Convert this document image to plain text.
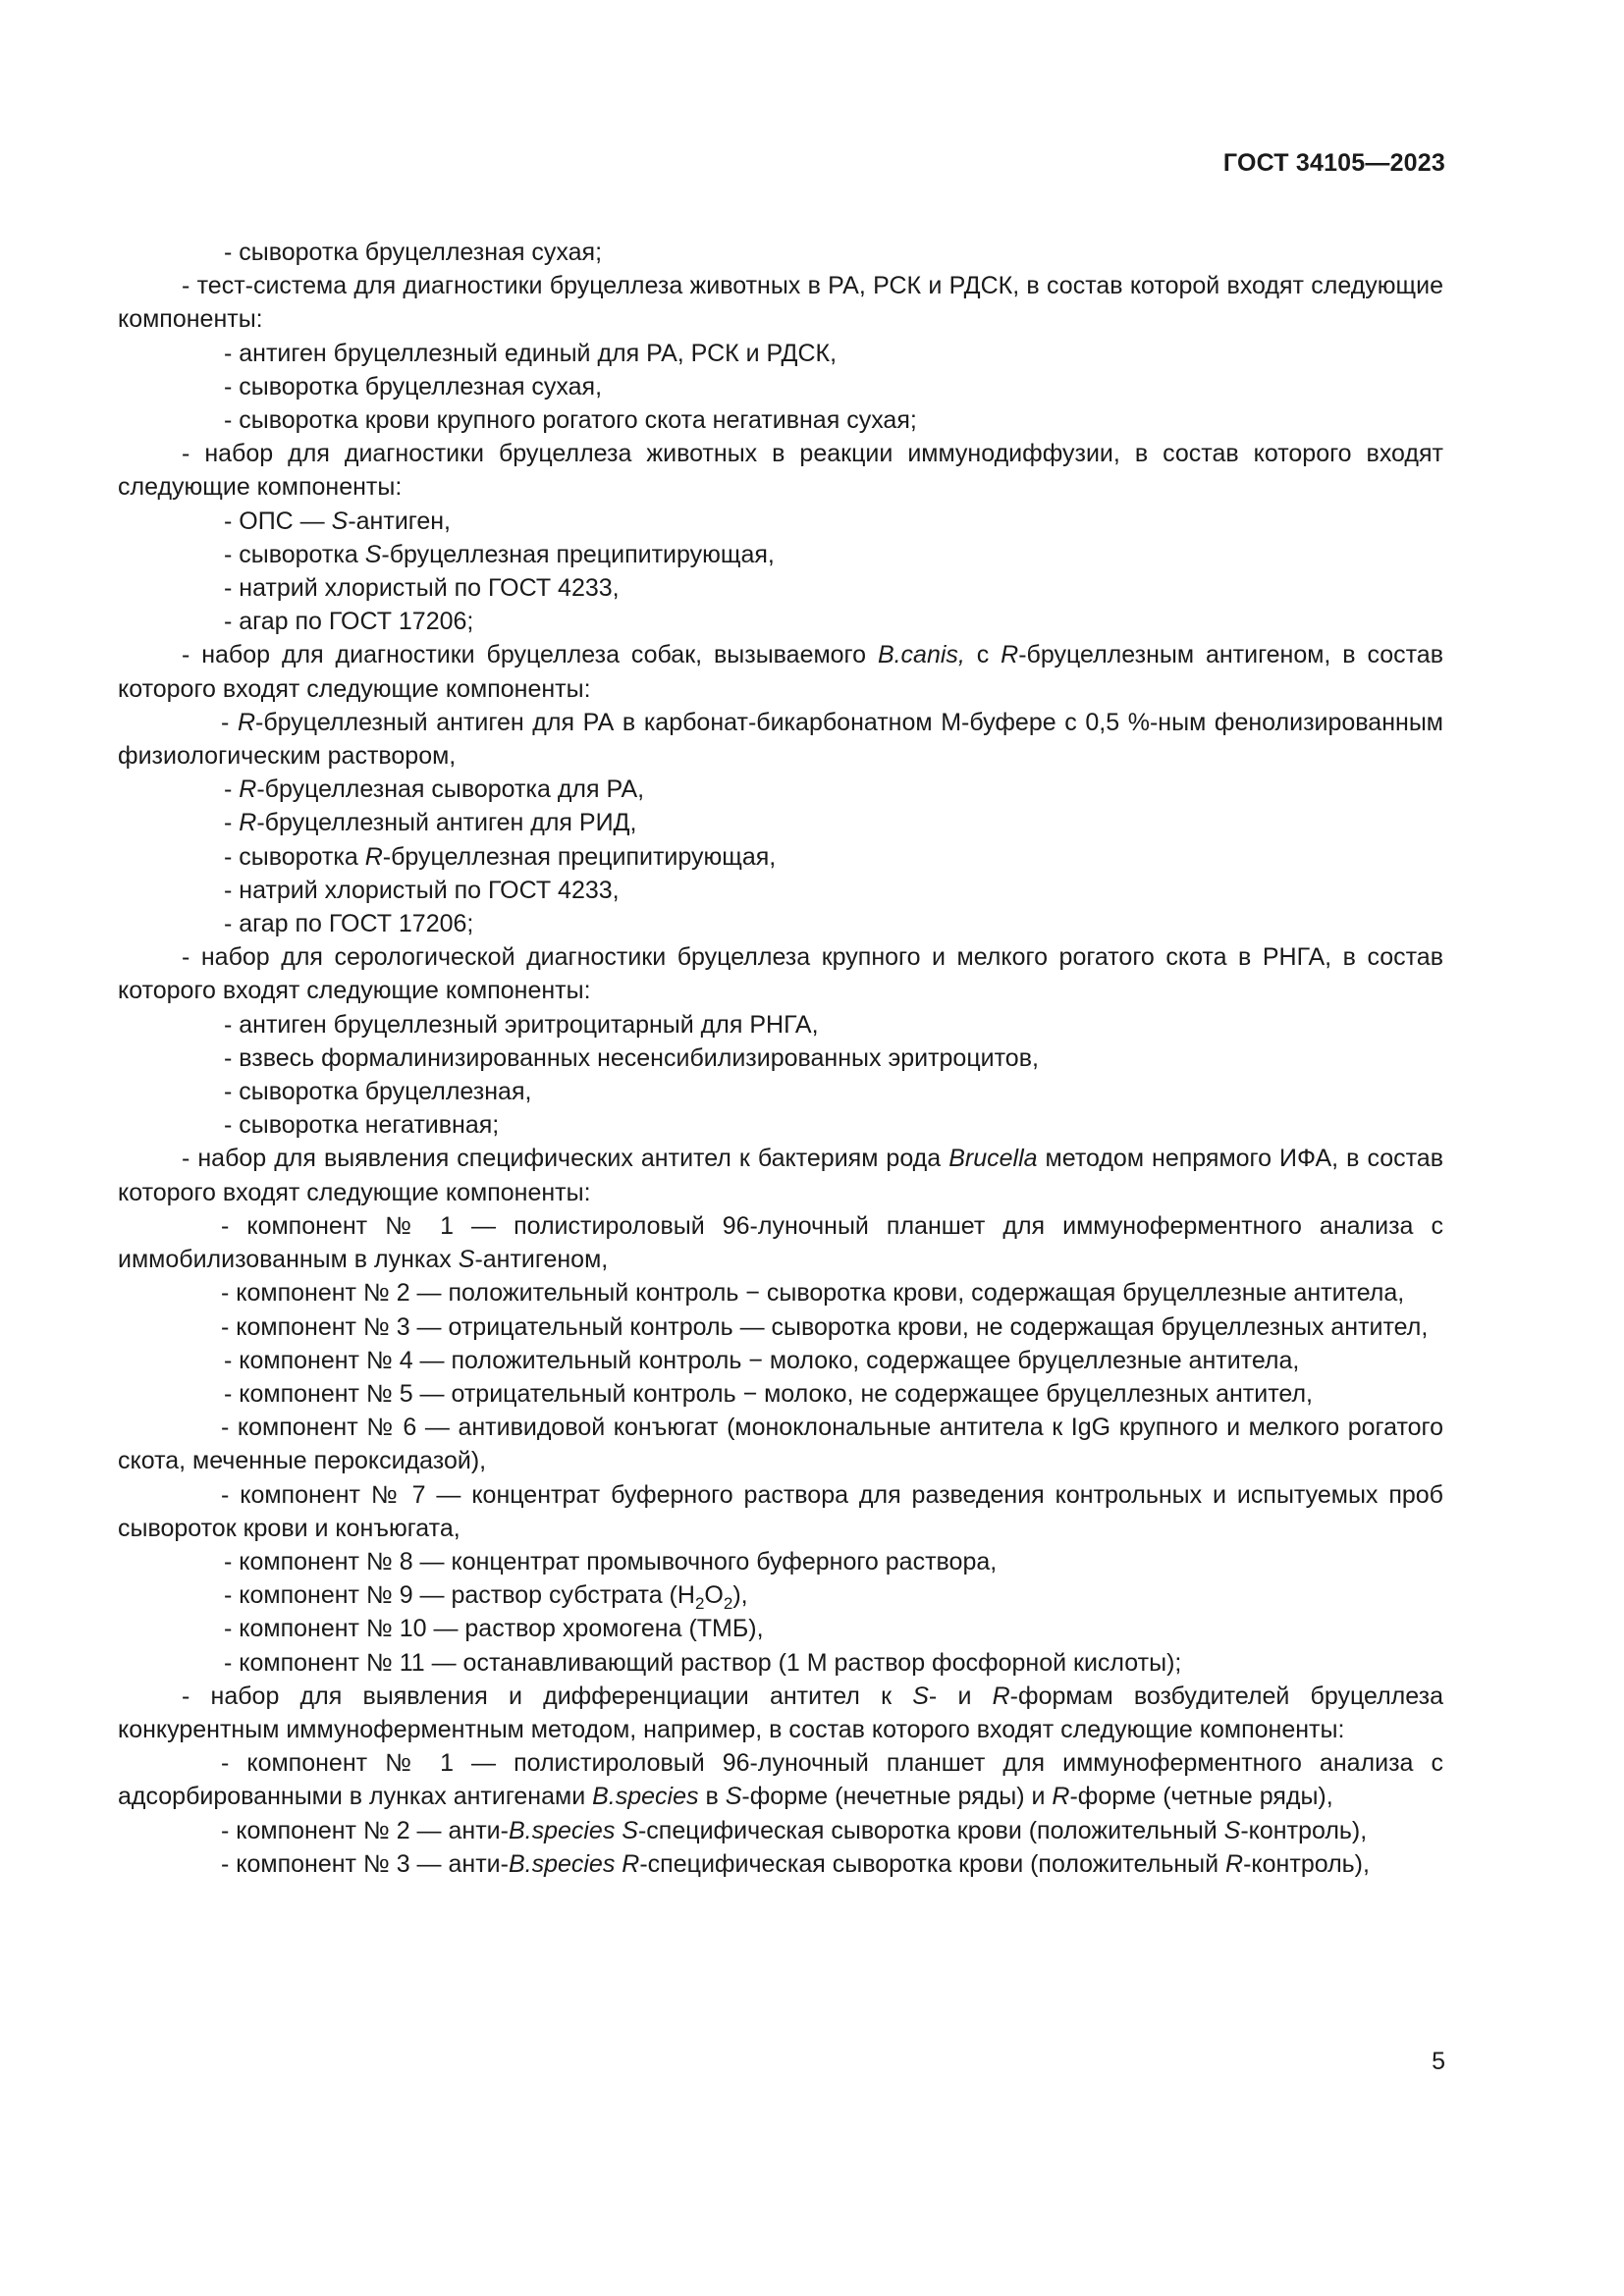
ГОСТ 34105—2023
- сыворотка бруцеллезная сухая;
- тест-система для диагностики бруцеллеза животных в РА, РСК и РДСК, в состав которой входят следующие компоненты:
- антиген бруцеллезный единый для РА, РСК и РДСК,
- сыворотка бруцеллезная сухая,
- сыворотка крови крупного рогатого скота негативная сухая;
- набор для диагностики бруцеллеза животных в реакции иммунодиффузии, в состав которого входят следующие компоненты:
- ОПС — S-антиген,
- сыворотка S-бруцеллезная преципитирующая,
- натрий хлористый по ГОСТ 4233,
- агар по ГОСТ 17206;
- набор для диагностики бруцеллеза собак, вызываемого B.canis, с R-бруцеллезным антигеном, в состав которого входят следующие компоненты:
- R-бруцеллезный антиген для РА в карбонат-бикарбонатном М-буфере с 0,5 %-ным фенолизированным физиологическим раствором,
- R-бруцеллезная сыворотка для РА,
- R-бруцеллезный антиген для РИД,
- сыворотка R-бруцеллезная преципитирующая,
- натрий хлористый по ГОСТ 4233,
- агар по ГОСТ 17206;
- набор для серологической диагностики бруцеллеза крупного и мелкого рогатого скота в РНГА, в состав которого входят следующие компоненты:
- антиген бруцеллезный эритроцитарный для РНГА,
- взвесь формалинизированных несенсибилизированных эритроцитов,
- сыворотка бруцеллезная,
- сыворотка негативная;
- набор для выявления специфических антител к бактериям рода Brucella методом непрямого ИФА, в состав которого входят следующие компоненты:
- компонент № 1 — полистироловый 96-луночный планшет для иммуноферментного анализа с иммобилизованным в лунках S-антигеном,
- компонент № 2 — положительный контроль − сыворотка крови, содержащая бруцеллезные антитела,
- компонент № 3 — отрицательный контроль — сыворотка крови, не содержащая бруцеллезных антител,
- компонент № 4 — положительный контроль − молоко, содержащее бруцеллезные антитела,
- компонент № 5 — отрицательный контроль − молоко, не содержащее бруцеллезных антител,
- компонент № 6 — антивидовой конъюгат (моноклональные антитела к IgG крупного и мелкого рогатого скота, меченные пероксидазой),
- компонент № 7 — концентрат буферного раствора для разведения контрольных и испытуемых проб сывороток крови и конъюгата,
- компонент № 8 — концентрат промывочного буферного раствора,
- компонент № 9 — раствор субстрата $(H_2O_2)$,
- компонент № 10 — раствор хромогена (ТМБ),
- компонент № 11 — останавливающий раствор (1 М раствор фосфорной кислоты);
- набор для выявления и дифференциации антител к S- и R-формам возбудителей бруцеллеза конкурентным иммуноферментным методом, например, в состав которого входят следующие компоненты:
- компонент № 1 — полистироловый 96-луночный планшет для иммуноферментного анализа с адсорбированными в лунках антигенами B.species в S-форме (нечетные ряды) и R-форме (четные ряды),
- компонент № 2 — анти-B.species S-специфическая сыворотка крови (положительный S-контроль),
- компонент № 3 — анти-B.species R-специфическая сыворотка крови (положительный R-контроль),
5
